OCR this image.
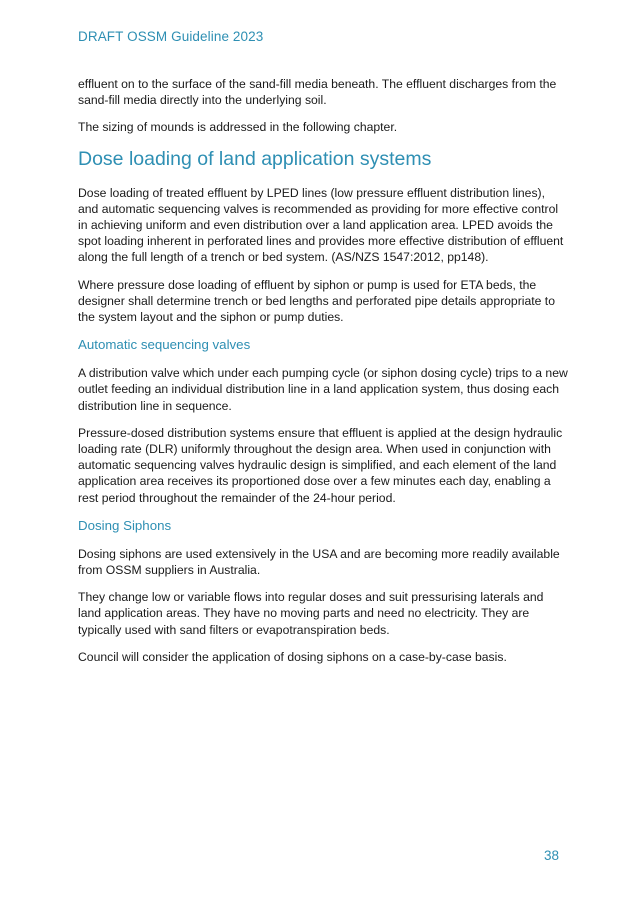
DRAFT OSSM Guideline 2023

effluent on to the surface of the sand-fill media beneath. The effluent discharges from the sand-fill media directly into the underlying soil.

The sizing of mounds is addressed in the following chapter.

Dose loading of land application systems

Dose loading of treated effluent by LPED lines (low pressure effluent distribution lines), and automatic sequencing valves is recommended as providing for more effective control in achieving uniform and even distribution over a land application area. LPED avoids the spot loading inherent in perforated lines and provides more effective distribution of effluent along the full length of a trench or bed system. (AS/NZS 1547:2012, pp148).

Where pressure dose loading of effluent by siphon or pump is used for ETA beds, the designer shall determine trench or bed lengths and perforated pipe details appropriate to the system layout and the siphon or pump duties.

Automatic sequencing valves

A distribution valve which under each pumping cycle (or siphon dosing cycle) trips to a new outlet feeding an individual distribution line in a land application system, thus dosing each distribution line in sequence.

Pressure-dosed distribution systems ensure that effluent is applied at the design hydraulic loading rate (DLR) uniformly throughout the design area. When used in conjunction with automatic sequencing valves hydraulic design is simplified, and each element of the land application area receives its proportioned dose over a few minutes each day, enabling a rest period throughout the remainder of the 24-hour period.

Dosing Siphons

Dosing siphons are used extensively in the USA and are becoming more readily available from OSSM suppliers in Australia.

They change low or variable flows into regular doses and suit pressurising laterals and land application areas. They have no moving parts and need no electricity. They are typically used with sand filters or evapotranspiration beds.

Council will consider the application of dosing siphons on a case-by-case basis.

38
